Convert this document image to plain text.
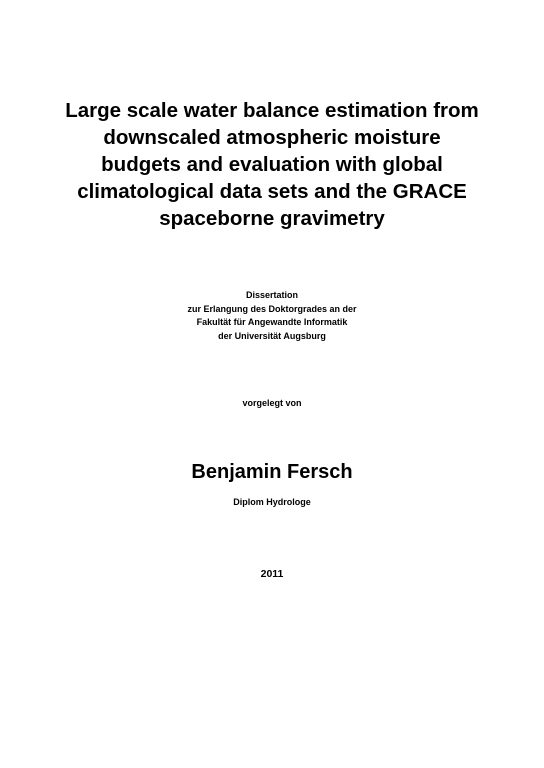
Large scale water balance estimation from
downscaled atmospheric moisture
budgets and evaluation with global
climatological data sets and the GRACE
spaceborne gravimetry
Dissertation
zur Erlangung des Doktorgrades an der
Fakultät für Angewandte Informatik
der Universität Augsburg
vorgelegt von
Benjamin Fersch
Diplom Hydrologe
2011
